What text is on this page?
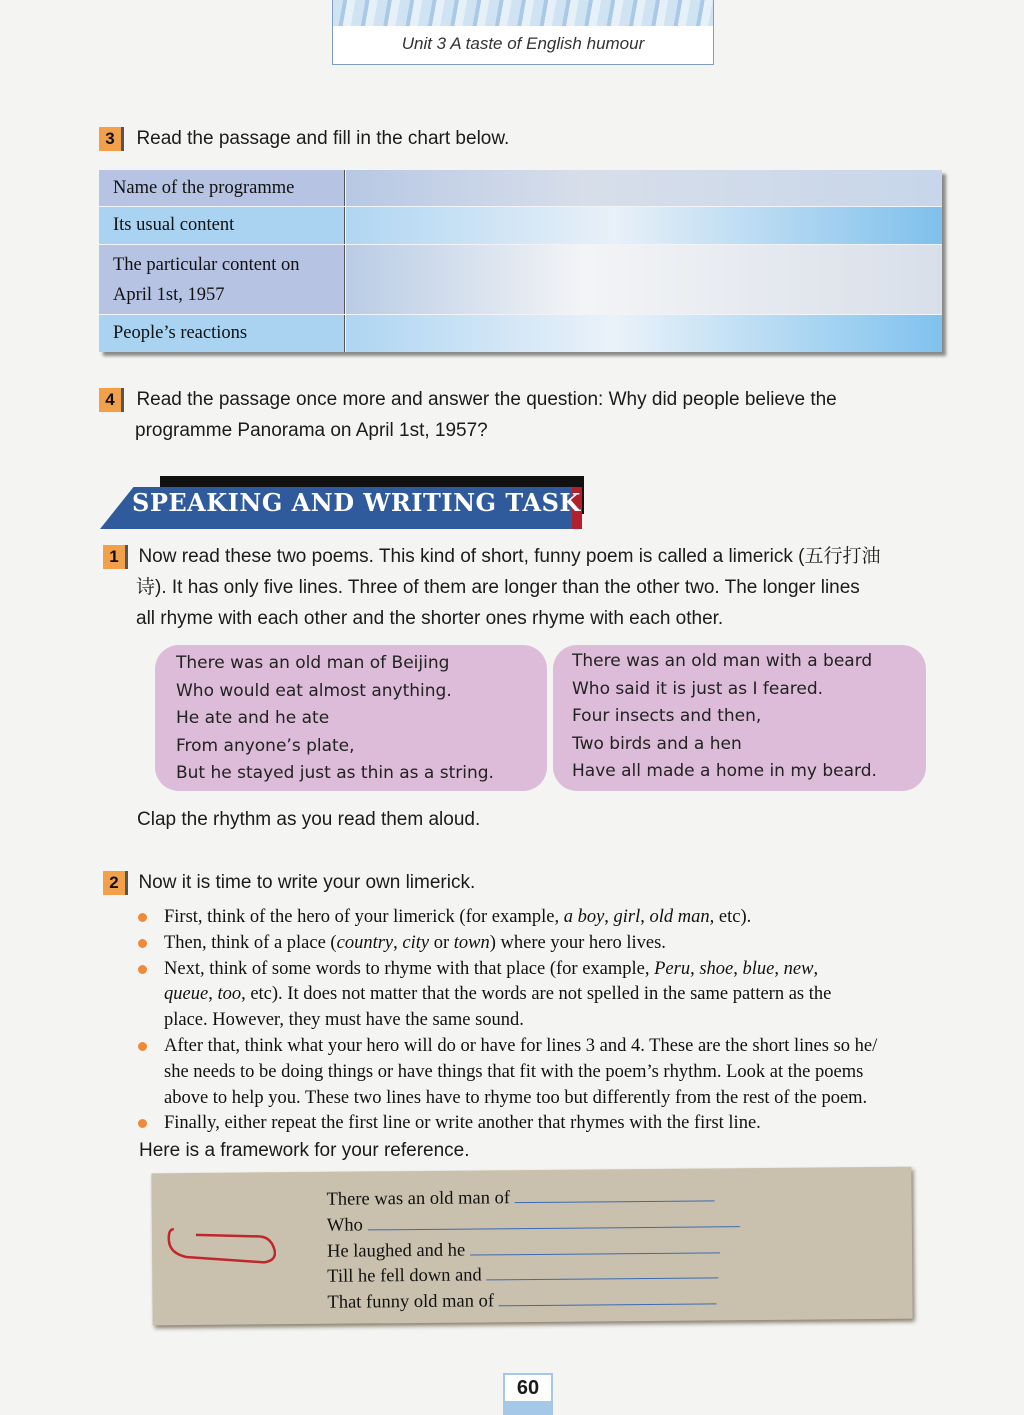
Unit 3 A taste of English humour
3 Read the passage and fill in the chart below.
Name of the programme
Its usual content
The particular content on
April 1st, 1957
People’s reactions
4 Read the passage once more and answer the question: Why did people believe the
programme Panorama on April 1st, 1957?
SPEAKING AND WRITING TASK
1 Now read these two poems. This kind of short, funny poem is called a limerick (五行打油
诗). It has only five lines. Three of them are longer than the other two. The longer lines
all rhyme with each other and the shorter ones rhyme with each other.
There was an old man of Beijing
Who would eat almost anything.
He ate and he ate
From anyone’s plate,
But he stayed just as thin as a string.
There was an old man with a beard
Who said it is just as I feared.
Four insects and then,
Two birds and a hen
Have all made a home in my beard.
Clap the rhythm as you read them aloud.
2 Now it is time to write your own limerick.
First, think of the hero of your limerick (for example, a boy, girl, old man, etc).
Then, think of a place (country, city or town) where your hero lives.
Next, think of some words to rhyme with that place (for example, Peru, shoe, blue, new,
queue, too, etc). It does not matter that the words are not spelled in the same pattern as the
place. However, they must have the same sound.
After that, think what your hero will do or have for lines 3 and 4. These are the short lines so he/
she needs to be doing things or have things that fit with the poem’s rhythm. Look at the poems
above to help you. These two lines have to rhyme too but differently from the rest of the poem.
Finally, either repeat the first line or write another that rhymes with the first line.
Here is a framework for your reference.
There was an old man of
Who
He laughed and he
Till he fell down and
That funny old man of
60
